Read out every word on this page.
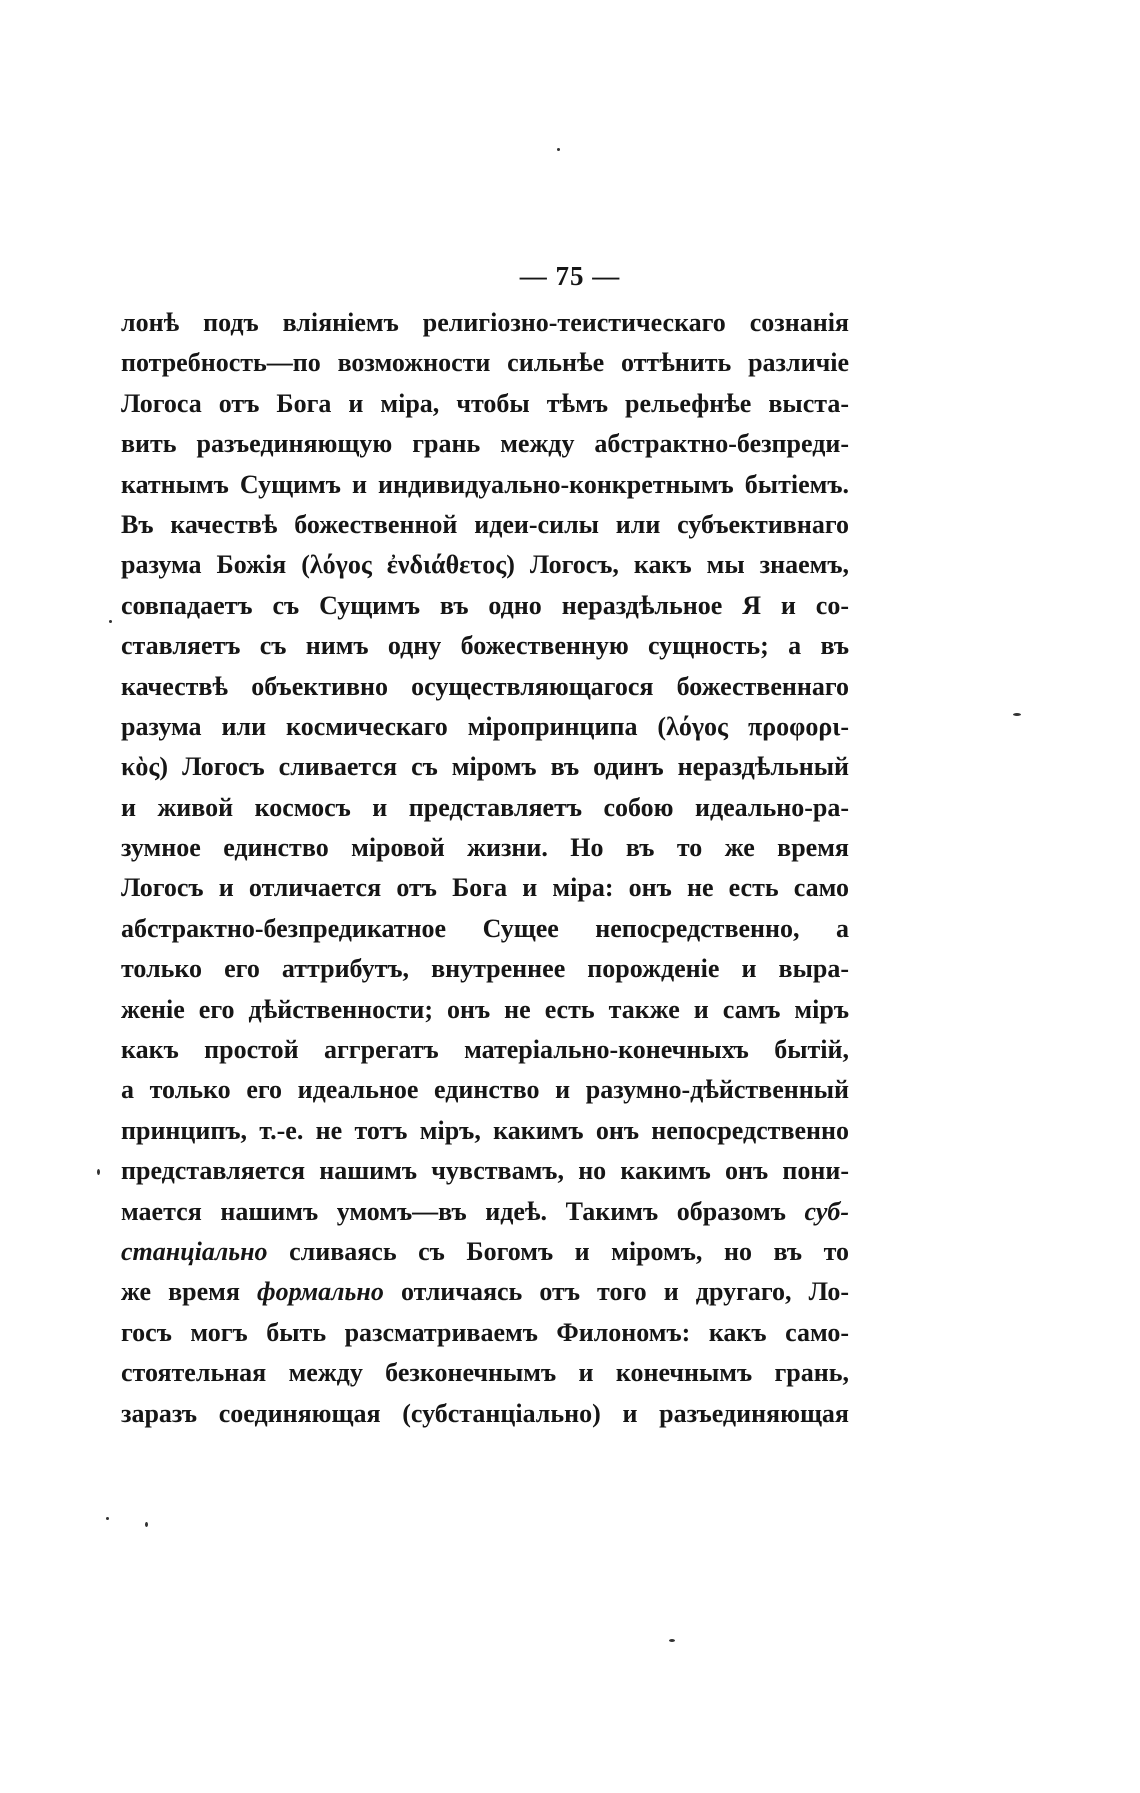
— 75 —
лонѣ подъ вліяніемъ религіозно-теистическаго сознанія
потребность—по возможности сильнѣе оттѣнить различіе
Логоса отъ Бога и міра, чтобы тѣмъ рельефнѣе выста-
вить разъединяющую грань между абстрактно-безпреди-
катнымъ Сущимъ и индивидуально-конкретнымъ бытіемъ.
Въ качествѣ божественной идеи-силы или субъективнаго
разума Божія (λόγος ἐνδιάθετος) Логосъ, какъ мы знаемъ,
совпадаетъ съ Сущимъ въ одно нераздѣльное Я и со-
ставляетъ съ нимъ одну божественную сущность; а въ
качествѣ объективно осуществляющагося божественнаго
разума или космическаго мiропринципа (λόγος προφορι-
κὸς) Логосъ сливается съ міромъ въ одинъ нераздѣльный
и живой космосъ и представляетъ собою идеально-ра-
зумное единство міровой жизни. Но въ то же время
Логосъ и отличается отъ Бога и міра: онъ не есть само
абстрактно-безпредикатное Сущее непосредственно, а
только его аттрибутъ, внутреннее порожденіе и выра-
женіе его дѣйственности; онъ не есть также и самъ міръ
какъ простой аггрегатъ матеріально-конечныхъ бытій,
а только его идеальное единство и разумно-дѣйственный
принципъ, т.-е. не тотъ міръ, какимъ онъ непосредственно
представляется нашимъ чувствамъ, но какимъ онъ пони-
мается нашимъ умомъ—въ идеѣ. Такимъ образомъ суб-
станціально сливаясь съ Богомъ и міромъ, но въ то
же время формально отличаясь отъ того и другаго, Ло-
госъ могъ быть разсматриваемъ Филономъ: какъ само-
стоятельная между безконечнымъ и конечнымъ грань,
заразъ соединяющая (субстанціально) и разъединяющая
